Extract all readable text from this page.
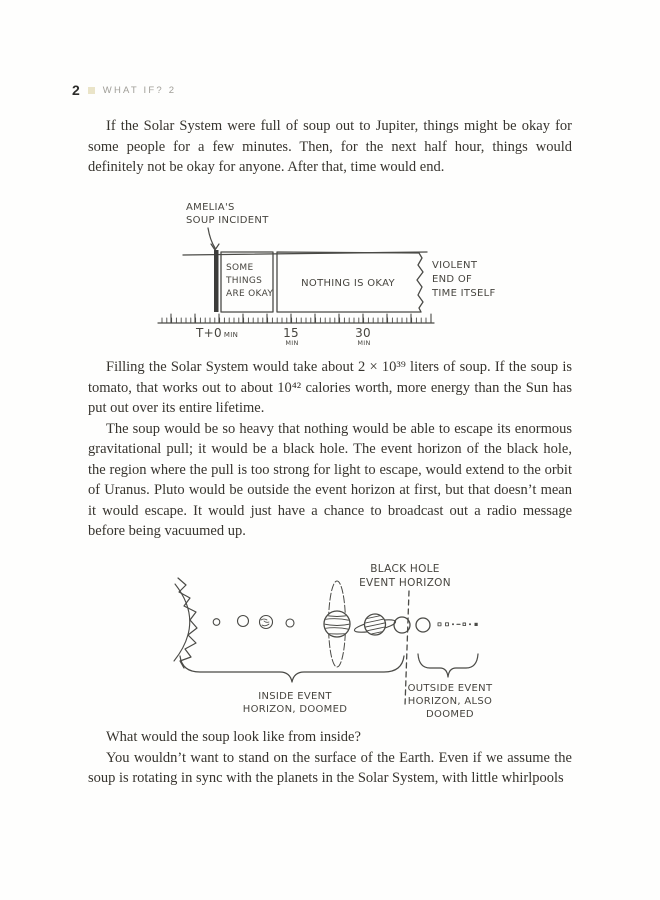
2 WHAT IF? 2

If the Solar System were full of soup out to Jupiter, things might be okay for some people for a few minutes. Then, for the next half hour, things would definitely not be okay for anyone. After that, time would end.

AMELIA'S
SOUP INCIDENT
SOME
THINGS
ARE OKAY
NOTHING IS OKAY
VIOLENT
END OF
TIME ITSELF
T+0 MIN	15
MIN
30
MIN

Filling the Solar System would take about 2 × 10³⁹ liters of soup. If the soup is tomato, that works out to about 10⁴² calories worth, more energy than the Sun has put out over its entire lifetime.

The soup would be so heavy that nothing would be able to escape its enormous gravitational pull; it would be a black hole. The event horizon of the black hole, the region where the pull is too strong for light to escape, would extend to the orbit of Uranus. Pluto would be outside the event horizon at first, but that doesn’t mean it would escape. It would just have a chance to broadcast out a radio message before being vacuumed up.

BLACK HOLE
EVENT HORIZON
INSIDE EVENT
HORIZON, DOOMED
OUTSIDE EVENT
HORIZON, ALSO
DOOMED

What would the soup look like from inside?

You wouldn’t want to stand on the surface of the Earth. Even if we assume the soup is rotating in sync with the planets in the Solar System, with little whirlpools
